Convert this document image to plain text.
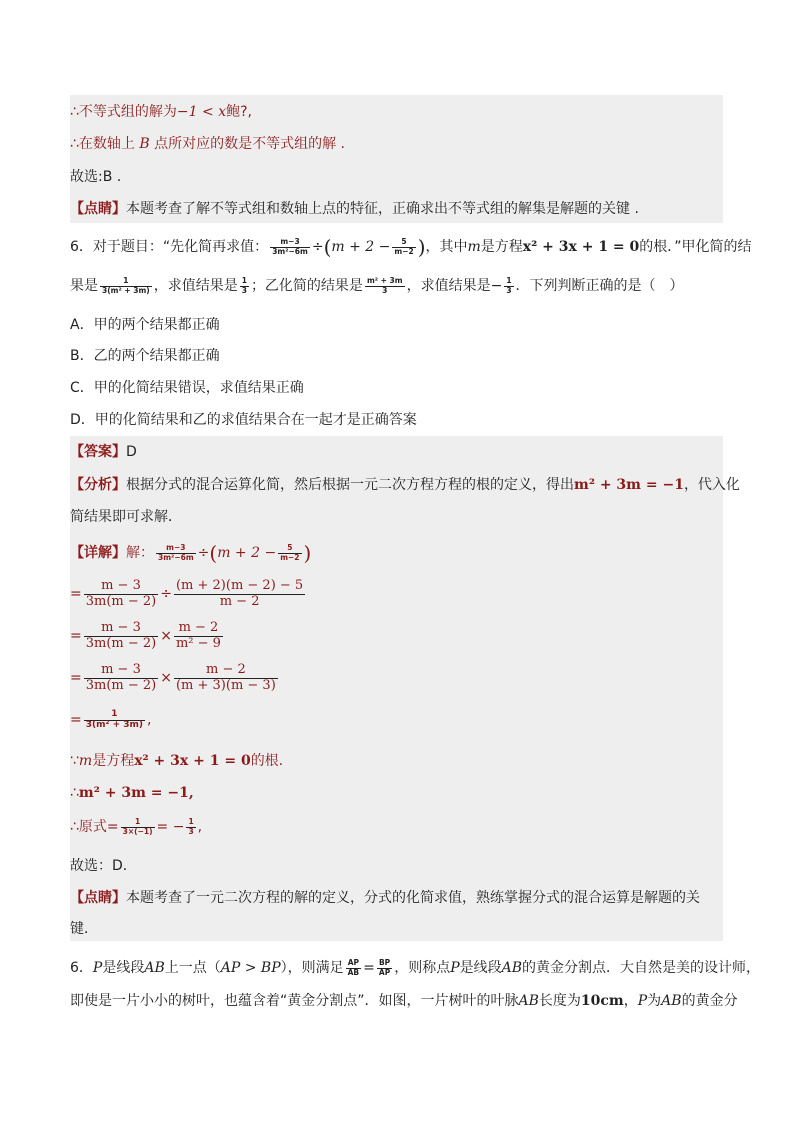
∴不等式组的解为−1 < x鲍?,
∴在数轴上 B 点所对应的数是不等式组的解 .
故选:B .
【点睛】本题考查了解不等式组和数轴上点的特征，正确求出不等式组的解集是解题的关键 .
6．对于题目：“先化简再求值： $\frac{m-3}{\text{3m²−6m}} \div(m + 2 - \frac{5}{m-2}$ )，其中m是方程x² + 3x + 1 = 0的根．”甲化简的结
果是 $\frac{1}{\text{3(m² + 3m)}}$ ，求值结果是 $\frac{1}{3}$ ；乙化简的结果是 $\frac{\text{m² + 3m}}{3}$ ，求值结果是− $\frac{1}{3}$ ．下列判断正确的是（　）
A．甲的两个结果都正确
B．乙的两个结果都正确
C．甲的化简结果错误，求值结果正确
D．甲的化简结果和乙的求值结果合在一起才是正确答案
【答案】D
【分析】根据分式的混合运算化简，然后根据一元二次方程方程的根的定义，得出m² + 3m = −1，代入化
简结果即可求解．
【详解】解： $\frac{m-3}{\text{3m²−6m}} \div(m + 2 - \frac{5}{m-2}$ )
= $\frac{m - 3}{3m(m - 2)} \div \frac{(m + 2)(m - 2) - 5}{m - 2}$
= $\frac{m - 3}{3m(m - 2)} \times \frac{m - 2}{\text{m² − 9}}$
= $\frac{m - 3}{3m(m - 2)} \times \frac{m - 2}{(m + 3)(m - 3)}$
= $\frac{1}{\text{3(m² + 3m)}}$ ,
∵m是方程x² + 3x + 1 = 0的根.
∴m² + 3m = −1,
∴原式= $\frac{1}{3\times(-1)}$ = − $\frac{1}{3}$ ,
故选：D．
【点睛】本题考查了一元二次方程的解的定义，分式的化简求值，熟练掌握分式的混合运算是解题的关
键．
6．P是线段AB上一点（AP > BP），则满足 $\frac{AP}{AB} = \frac{BP}{AP}$ ，则称点P是线段AB的黄金分割点．大自然是美的设计师，
即使是一片小小的树叶，也蕴含着“黄金分割点”．如图，一片树叶的叶脉AB长度为10cm，P为AB的黄金分
